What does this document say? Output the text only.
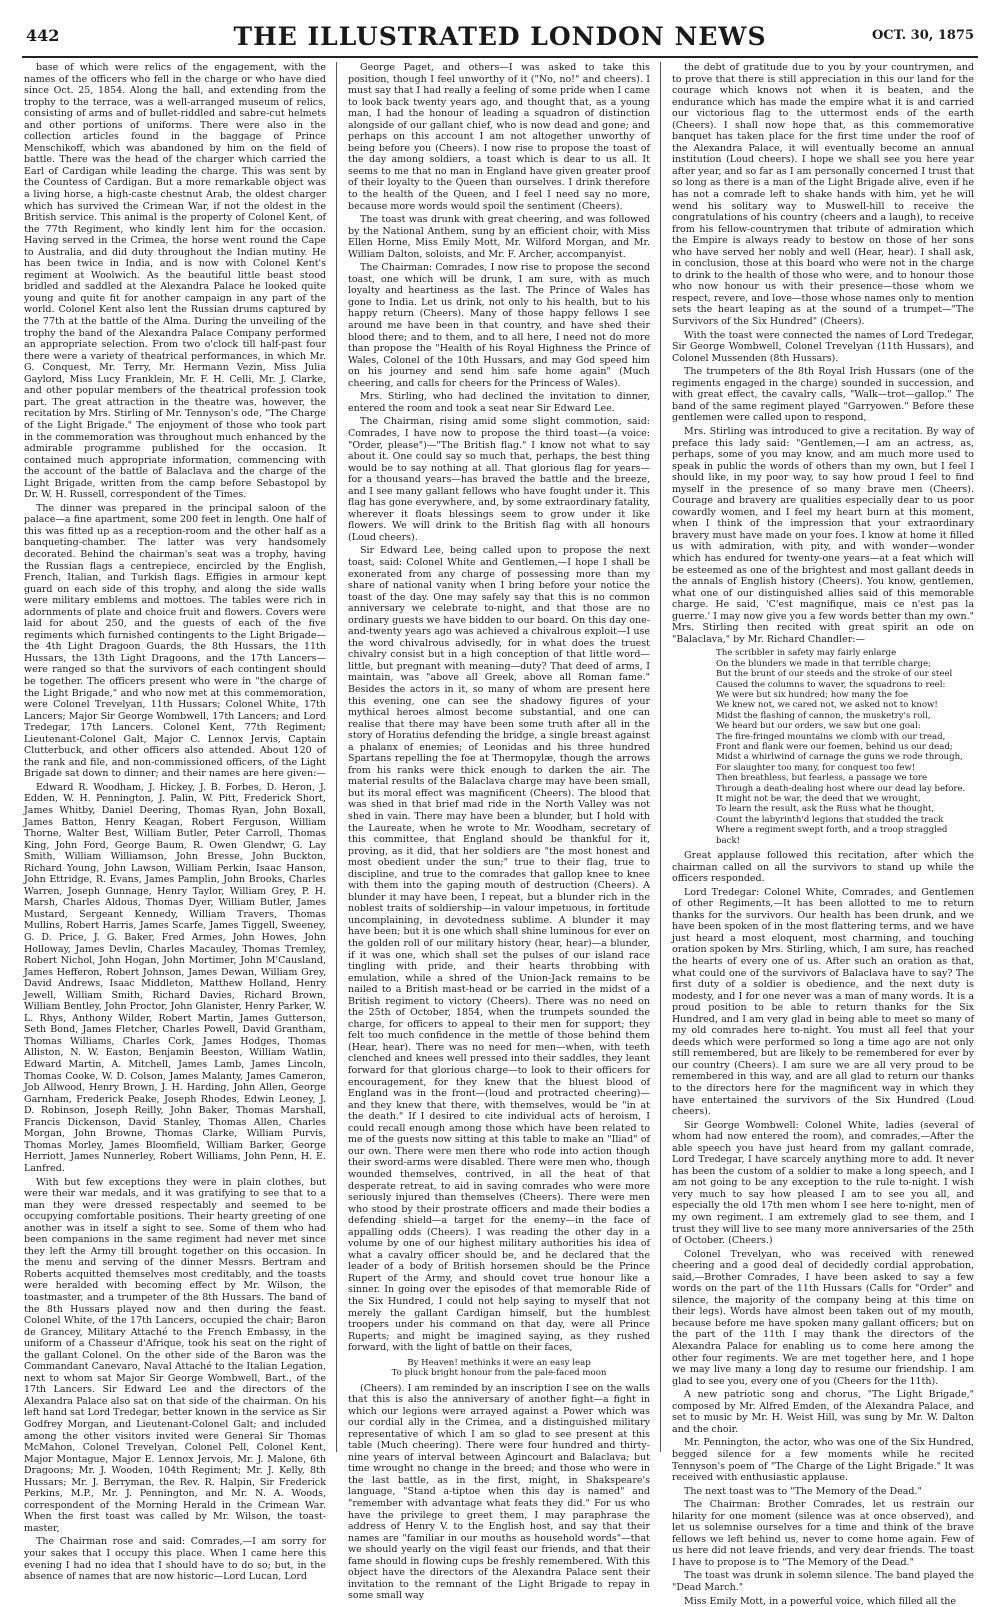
442	THE ILLUSTRATED LONDON NEWS	OCT. 30, 1875

base of which were relics of the engagement, with the names of the officers who fell in the charge or who have died since Oct. 25, 1854. Along the hall, and extending from the trophy to the terrace, was a well-arranged museum of relics, consisting of arms and of bullet-riddled and sabre-cut helmets and other portions of uniforms. There were also in the collection articles found in the baggage of Prince Menschikoff, which was abandoned by him on the field of battle. There was the head of the charger which carried the Earl of Cardigan while leading the charge. This was sent by the Countess of Cardigan. But a more remarkable object was a living horse, a high-caste chestnut Arab, the oldest charger which has survived the Crimean War, if not the oldest in the British service. This animal is the property of Colonel Kent, of the 77th Regiment, who kindly lent him for the occasion. Having served in the Crimea, the horse went round the Cape to Australia, and did duty throughout the Indian mutiny. He has been twice in India, and is now with Colonel Kent's regiment at Woolwich. As the beautiful little beast stood bridled and saddled at the Alexandra Palace he looked quite young and quite fit for another campaign in any part of the world. Colonel Kent also lent the Russian drums captured by the 77th at the battle of the Alma. During the unveiling of the trophy the band of the Alexandra Palace Company performed an appropriate selection. From two o'clock till half-past four there were a variety of theatrical performances, in which Mr. G. Conquest, Mr. Terry, Mr. Hermann Vezin, Miss Julia Gaylord, Miss Lucy Franklein, Mr. F. H. Celli, Mr. J. Clarke, and other popular members of the theatrical profession took part. The great attraction in the theatre was, however, the recitation by Mrs. Stirling of Mr. Tennyson's ode, "The Charge of the Light Brigade." The enjoyment of those who took part in the commemoration was throughout much enhanced by the admirable programme published for the occasion. It contained much appropriate information, commencing with the account of the battle of Balaclava and the charge of the Light Brigade, written from the camp before Sebastopol by Dr. W. H. Russell, correspondent of the Times.

The dinner was prepared in the principal saloon of the palace—a fine apartment, some 200 feet in length. One half of this was fitted up as a reception-room and the other half as a banqueting-chamber. The latter was very handsomely decorated. Behind the chairman's seat was a trophy, having the Russian flags a centrepiece, encircled by the English, French, Italian, and Turkish flags. Effigies in armour kept guard on each side of this trophy, and along the side walls were military emblems and mottoes. The tables were rich in adornments of plate and choice fruit and flowers. Covers were laid for about 250, and the guests of each of the five regiments which furnished contingents to the Light Brigade—the 4th Light Dragoon Guards, the 8th Hussars, the 11th Hussars, the 13th Light Dragoons, and the 17th Lancers—were ranged so that the survivors of each contingent should be together. The officers present who were in "the charge of the Light Brigade," and who now met at this commemoration, were Colonel Trevelyan, 11th Hussars; Colonel White, 17th Lancers; Major Sir George Wombwell, 17th Lancers; and Lord Tredegar, 17th Lancers. Colonel Kent, 77th Regiment; Lieutenant-Colonel Galt, Major C. Lennox Jervis, Captain Clutterbuck, and other officers also attended. About 120 of the rank and file, and non-commissioned officers, of the Light Brigade sat down to dinner; and their names are here given:—

Edward R. Woodham, J. Hickey, J. B. Forbes, D. Heron, J. Edden, W. H. Pennington, J. Palin, W. Pitt, Frederick Short, James Whitby, Daniel Deering, Thomas Ryan, John Boxall, James Batton, Henry Keagan, Robert Ferguson, William Thorne, Walter Best, William Butler, Peter Carroll, Thomas King, John Ford, George Baum, R. Owen Glendwr, G. Lay Smith, William Williamson, John Bresse, John Buckton, Richard Young, John Lawson, William Perkin, Isaac Hanson, John Ettridge, R. Evans, James Pamplin, John Brooks, Charles Warren, Joseph Gunnage, Henry Taylor, William Grey, P. H. Marsh, Charles Aldous, Thomas Dyer, William Butler, James Mustard, Sergeant Kennedy, William Travers, Thomas Mullins, Robert Harris, James Scarfe, James Tiggell, Sweeney, G. D. Price, J. G. Baker, Fred Armes, John Howes, John Holloway, James Devlin, Charles Macauley, Thomas Tremley, Robert Nichol, John Hogan, John Mortimer, John M'Causland, James Hefferon, Robert Johnson, James Dewan, William Grey, David Andrews, Isaac Middleton, Matthew Holland, Henry Jewell, William Smith, Richard Davies, Richard Brown, William Bentley, John Proctor, John Glanister, Henry Parker, W. L. Rhys, Anthony Wilder, Robert Martin, James Gutterson, Seth Bond, James Fletcher, Charles Powell, David Grantham, Thomas Williams, Charles Cork, James Hodges, Thomas Alliston, N. W. Easton, Benjamin Beeston, William Watlin, Edward Martin, A. Mitchell, James Lamb, James Lincoln, Thomas Cooke, W. D. Colson, James Malanty, James Cameron, Job Allwood, Henry Brown, J. H. Harding, John Allen, George Garnham, Frederick Peake, Joseph Rhodes, Edwin Leoney, J. D. Robinson, Joseph Reilly, John Baker, Thomas Marshall, Francis Dickenson, David Stanley, Thomas Allen, Charles Morgan, John Browne, Thomas Clarke, William Purvis, Thomas Morley, James Bloomfield, William Barker, George Herriott, James Nunnerley, Robert Williams, John Penn, H. E. Lanfred.

With but few exceptions they were in plain clothes, but were their war medals, and it was gratifying to see that to a man they were dressed respectably and seemed to be occupying comfortable positions. Their hearty greeting of one another was in itself a sight to see. Some of them who had been companions in the same regiment had never met since they left the Army till brought together on this occasion. In the menu and serving of the dinner Messrs. Bertram and Roberts acquitted themselves most creditably, and the toasts were heralded with becoming effect by Mr. Wilson, the toastmaster, and a trumpeter of the 8th Hussars. The band of the 8th Hussars played now and then during the feast. Colonel White, of the 17th Lancers, occupied the chair; Baron de Grancey, Military Attaché to the French Embassy, in the uniform of a Chasseur d'Afrique, took his seat on the right of the gallant Colonel. On the other side of the Baron was the Commandant Canevaro, Naval Attaché to the Italian Legation, next to whom sat Major Sir George Wombwell, Bart., of the 17th Lancers. Sir Edward Lee and the directors of the Alexandra Palace also sat on that side of the chairman. On his left hand sat Lord Tredegar, better known in the service as Sir Godfrey Morgan, and Lieutenant-Colonel Galt; and included among the other visitors invited were General Sir Thomas McMahon, Colonel Trevelyan, Colonel Pell, Colonel Kent, Major Montague, Major E. Lennox Jervois, Mr. J. Malone, 6th Dragoons; Mr. J. Wooden, 104th Regiment; Mr. J. Kelly, 8th Hussars; Mr. J. Berryman, the Rev. R. Halpin, Sir Frederick Perkins, M.P., Mr. J. Pennington, and Mr. N. A. Woods, correspondent of the Morning Herald in the Crimean War. When the first toast was called by Mr. Wilson, the toast-master,

The Chairman rose and said: Comrades,—I am sorry for your sakes that I occupy this place. When I came here this evening I had no idea that I should have to do so; but, in the absence of names that are now historic—Lord Lucan, Lord

George Paget, and others—I was asked to take this position, though I feel unworthy of it ("No, no!" and cheers). I must say that I had really a feeling of some pride when I came to look back twenty years ago, and thought that, as a young man, I had the honour of leading a squadron of distinction alongside of our gallant chief, who is now dead and gone; and perhaps on this account I am not altogether unworthy of being before you (Cheers). I now rise to propose the toast of the day among soldiers, a toast which is dear to us all. It seems to me that no man in England have given greater proof of their loyalty to the Queen than ourselves. I drink therefore to the health of the Queen, and I feel I need say no more, because more words would spoil the sentiment (Cheers).

The toast was drunk with great cheering, and was followed by the National Anthem, sung by an efficient choir, with Miss Ellen Horne, Miss Emily Mott, Mr. Wilford Morgan, and Mr. William Dalton, soloists, and Mr. F. Archer, accompanyist.

The Chairman: Comrades, I now rise to propose the second toast, one which will be drunk, I am sure, with as much loyalty and heartiness as the last. The Prince of Wales has gone to India. Let us drink, not only to his health, but to his happy return (Cheers). Many of those happy fellows I see around me have been in that country, and have shed their blood there; and to them, and to all here, I need not do more than propose the "Health of his Royal Highness the Prince of Wales, Colonel of the 10th Hussars, and may God speed him on his journey and send him safe home again" (Much cheering, and calls for cheers for the Princess of Wales).

Mrs. Stirling, who had declined the invitation to dinner, entered the room and took a seat near Sir Edward Lee.

The Chairman, rising amid some slight commotion, said: Comrades, I have now to propose the third toast—(a voice: "Order, please")—"The British flag." I know not what to say about it. One could say so much that, perhaps, the best thing would be to say nothing at all. That glorious flag for years—for a thousand years—has braved the battle and the breeze, and I see many gallant fellows who have fought under it. This flag has gone everywhere, and, by some extraordinary fatality, wherever it floats blessings seem to grow under it like flowers. We will drink to the British flag with all honours (Loud cheers).

Sir Edward Lee, being called upon to propose the next toast, said: Colonel White and Gentlemen,—I hope I shall be exonerated from any charge of possessing more than my share of national vanity when I bring before your notice the toast of the day. One may safely say that this is no common anniversary we celebrate to-night, and that those are no ordinary guests we have bidden to our board. On this day one-and-twenty years ago was achieved a chivalrous exploit—I use the word chivalrous advisedly, for in what does the truest chivalry consist but in a high conception of that little word—little, but pregnant with meaning—duty? That deed of arms, I maintain, was "above all Greek, above all Roman fame." Besides the actors in it, so many of whom are present here this evening, one can see the shadowy figures of your mythical heroes almost become substantial, and one can realise that there may have been some truth after all in the story of Horatius defending the bridge, a single breast against a phalanx of enemies; of Leonidas and his three hundred Spartans repelling the foe at Thermopylæ, though the arrows from his ranks were thick enough to darken the air. The material results of the Balaclava charge may have been small, but its moral effect was magnificent (Cheers). The blood that was shed in that brief mad ride in the North Valley was not shed in vain. There may have been a blunder, but I hold with the Laureate, when he wrote to Mr. Woodham, secretary of this committee, that England should be thankful for it, proving, as it did, that her soldiers are "the most honest and most obedient under the sun;" true to their flag, true to discipline, and true to the comrades that gallop knee to knee with them into the gaping mouth of destruction (Cheers). A blunder it may have been, I repeat, but a blunder rich in the noblest traits of soldiership—in valour impetuous, in fortitude uncomplaining, in devotedness sublime. A blunder it may have been; but it is one which shall shine luminous for ever on the golden roll of our military history (hear, hear)—a blunder, if it was one, which shall set the pulses of our island race tingling with pride, and their hearts throbbing with emulation, while a shred of the Union-Jack remains to be nailed to a British mast-head or be carried in the midst of a British regiment to victory (Cheers). There was no need on the 25th of October, 1854, when the trumpets sounded the charge, for officers to appeal to their men for support; they felt too much confidence in the mettle of those behind them (Hear, hear). There was no need for men—when, with teeth clenched and knees well pressed into their saddles, they leant forward for that glorious charge—to look to their officers for encouragement, for they knew that the bluest blood of England was in the front—(loud and protracted cheering)—and they knew that there, with themselves, would be "in at the death." If I desired to cite individual acts of heroism, I could recall enough among those which have been related to me of the guests now sitting at this table to make an "Iliad" of our own. There were men there who rode into action though their sword-arms were disabled. There were men who, though wounded themselves, contrived, in all the heat of that desperate retreat, to aid in saving comrades who were more seriously injured than themselves (Cheers). There were men who stood by their prostrate officers and made their bodies a defending shield—a target for the enemy—in the face of appalling odds (Cheers). I was reading the other day in a volume by one of our highest military authorities his idea of what a cavalry officer should be, and he declared that the leader of a body of British horsemen should be the Prince Rupert of the Army, and should covet true honour like a sinner. In going over the episodes of that memorable Ride of the Six Hundred, I could not help saying to myself that not merely the gallant Cardigan himself, but the humblest troopers under his command on that day, were all Prince Ruperts; and might be imagined saying, as they rushed forward, with the light of battle on their faces,

By Heaven! methinks it were an easy leap
To pluck bright honour from the pale-faced moon

(Cheers). I am reminded by an inscription I see on the walls that this is also the anniversary of another fight—a fight in which our legions were arrayed against a Power which was our cordial ally in the Crimea, and a distinguished military representative of which I am so glad to see present at this table (Much cheering). There were four hundred and thirty-nine years of interval between Agincourt and Balaclava; but time wrought no change in the breed; and those who were in the last battle, as in the first, might, in Shakspeare's language, "Stand a-tiptoe when this day is named" and "remember with advantage what feats they did." For us who have the privilege to greet them, I may paraphrase the address of Henry V. to the English host, and say that their names are "familiar in our mouths as household words"—that we should yearly on the vigil feast our friends, and that their fame should in flowing cups be freshly remembered. With this object have the directors of the Alexandra Palace sent their invitation to the remnant of the Light Brigade to repay in some small way

the debt of gratitude due to you by your countrymen, and to prove that there is still appreciation in this our land for the courage which knows not when it is beaten, and the endurance which has made the empire what it is and carried our victorious flag to the uttermost ends of the earth (Cheers). I shall now hope that, as this commemorative banquet has taken place for the first time under the roof of the Alexandra Palace, it will eventually become an annual institution (Loud cheers). I hope we shall see you here year after year, and so far as I am personally concerned I trust that so long as there is a man of the Light Brigade alive, even if he has not a comrade left to shake hands with him, yet he will wend his solitary way to Muswell-hill to receive the congratulations of his country (cheers and a laugh), to receive from his fellow-countrymen that tribute of admiration which the Empire is always ready to bestow on those of her sons who have served her nobly and well (Hear, hear). I shall ask, in conclusion, those at this board who were not in the charge to drink to the health of those who were, and to honour those who now honour us with their presence—those whom we respect, revere, and love—those whose names only to mention sets the heart leaping as at the sound of a trumpet—"The Survivors of the Six Hundred" (Cheers).

With the toast were connected the names of Lord Tredegar, Sir George Wombwell, Colonel Trevelyan (11th Hussars), and Colonel Mussenden (8th Hussars).

The trumpeters of the 8th Royal Irish Hussars (one of the regiments engaged in the charge) sounded in succession, and with great effect, the cavalry calls, "Walk—trot—gallop." The band of the same regiment played "Garryowen." Before these gentlemen were called upon to respond,

Mrs. Stirling was introduced to give a recitation. By way of preface this lady said: "Gentlemen,—I am an actress, as, perhaps, some of you may know, and am much more used to speak in public the words of others than my own, but I feel I should like, in my poor way, to say how proud I feel to find myself in the presence of so many brave men (Cheers). Courage and bravery are qualities especially dear to us poor cowardly women, and I feel my heart burn at this moment, when I think of the impression that your extraordinary bravery must have made on your foes. I know at home it filled us with admiration, with pity, and with wonder—wonder which has endured for twenty-one years—at a feat which will be esteemed as one of the brightest and most gallant deeds in the annals of English history (Cheers). You know, gentlemen, what one of our distinguished allies said of this memorable charge. He said, 'C'est magnifique, mais ce n'est pas la guerre.' I may now give you a few words better than my own." Mrs. Stirling then recited with great spirit an ode on "Balaclava," by Mr. Richard Chandler:—

The scribbler in safety may fairly enlarge
On the blunders we made in that terrible charge;
But the brunt of our steeds and the stroke of our steel
Caused the columns to waver, the squadrons to reel:
We were but six hundred; how many the foe
We knew not, we cared not, we asked not to know!
Midst the flashing of cannon, the musketry's roll,
We heard but our orders, we saw but one goal:
The fire-fringed mountains we clomb with our tread,
Front and flank were our foemen, behind us our dead;
Midst a whirlwind of carnage the guns we rode through,
For slaughter too many, for conquest too few!
Then breathless, but fearless, a passage we tore
Through a death-dealing host where our dead lay before.
It might not be war, the deed that we wrought,
To learn the result, ask the Russ what he thought,
Count the labyrinth'd legions that studded the track
Where a regiment swept forth, and a troop straggled back!

Great applause followed this recitation, after which the chairman called on all the survivors to stand up while the officers responded.

Lord Tredegar: Colonel White, Comrades, and Gentlemen of other Regiments,—It has been allotted to me to return thanks for the survivors. Our health has been drunk, and we have been spoken of in the most flattering terms, and we have just heard a most eloquent, most charming, and touching oration spoken by Mrs. Stirling, which, I am sure, has reached the hearts of every one of us. After such an oration as that, what could one of the survivors of Balaclava have to say? The first duty of a soldier is obedience, and the next duty is modesty, and I for one never was a man of many words. It is a proud position to be able to return thanks for the Six Hundred, and I am very glad in being able to meet so many of my old comrades here to-night. You must all feel that your deeds which were performed so long a time ago are not only still remembered, but are likely to be remembered for ever by our country (Cheers). I am sure we are all very proud to be remembered in this way, and are all glad to return our thanks to the directors here for the magnificent way in which they have entertained the survivors of the Six Hundred (Loud cheers).

Sir George Wombwell: Colonel White, ladies (several of whom had now entered the room), and comrades,—After the able speech you have just heard from my gallant comrade, Lord Tredegar, I have scarcely anything more to add. It never has been the custom of a soldier to make a long speech, and I am not going to be any exception to the rule to-night. I wish very much to say how pleased I am to see you all, and especially the old 17th men whom I see here to-night, men of my own regiment. I am extremely glad to see them, and I trust they will live to see many more anniversaries of the 25th of October. (Cheers.)

Colonel Trevelyan, who was received with renewed cheering and a good deal of decidedly cordial approbation, said,—Brother Comrades, I have been asked to say a few words on the part of the 11th Hussars (Calls for "Order" and silence, the majority of the company being at this time on their legs). Words have almost been taken out of my mouth, because before me have spoken many gallant officers; but on the part of the 11th I may thank the directors of the Alexandra Palace for enabling us to come here among the other four regiments. We are met together here, and I hope we may live many a long day to resume our friendship. I am glad to see you, every one of you (Cheers for the 11th).

A new patriotic song and chorus, "The Light Brigade," composed by Mr. Alfred Emden, of the Alexandra Palace, and set to music by Mr. H. Weist Hill, was sung by Mr. W. Dalton and the choir.

Mr. Pennington, the actor, who was one of the Six Hundred, begged silence for a few moments while he recited Tennyson's poem of "The Charge of the Light Brigade." It was received with enthusiastic applause.

The next toast was to "The Memory of the Dead."

The Chairman: Brother Comrades, let us restrain our hilarity for one moment (silence was at once observed), and let us solemnise ourselves for a time and think of the brave fellows we left behind us, never to come home again. Few of us here did not leave friends, and very dear friends. The toast I have to propose is to "The Memory of the Dead."

The toast was drunk in solemn silence. The band played the "Dead March."

Miss Emily Mott, in a powerful voice, which filled all the
